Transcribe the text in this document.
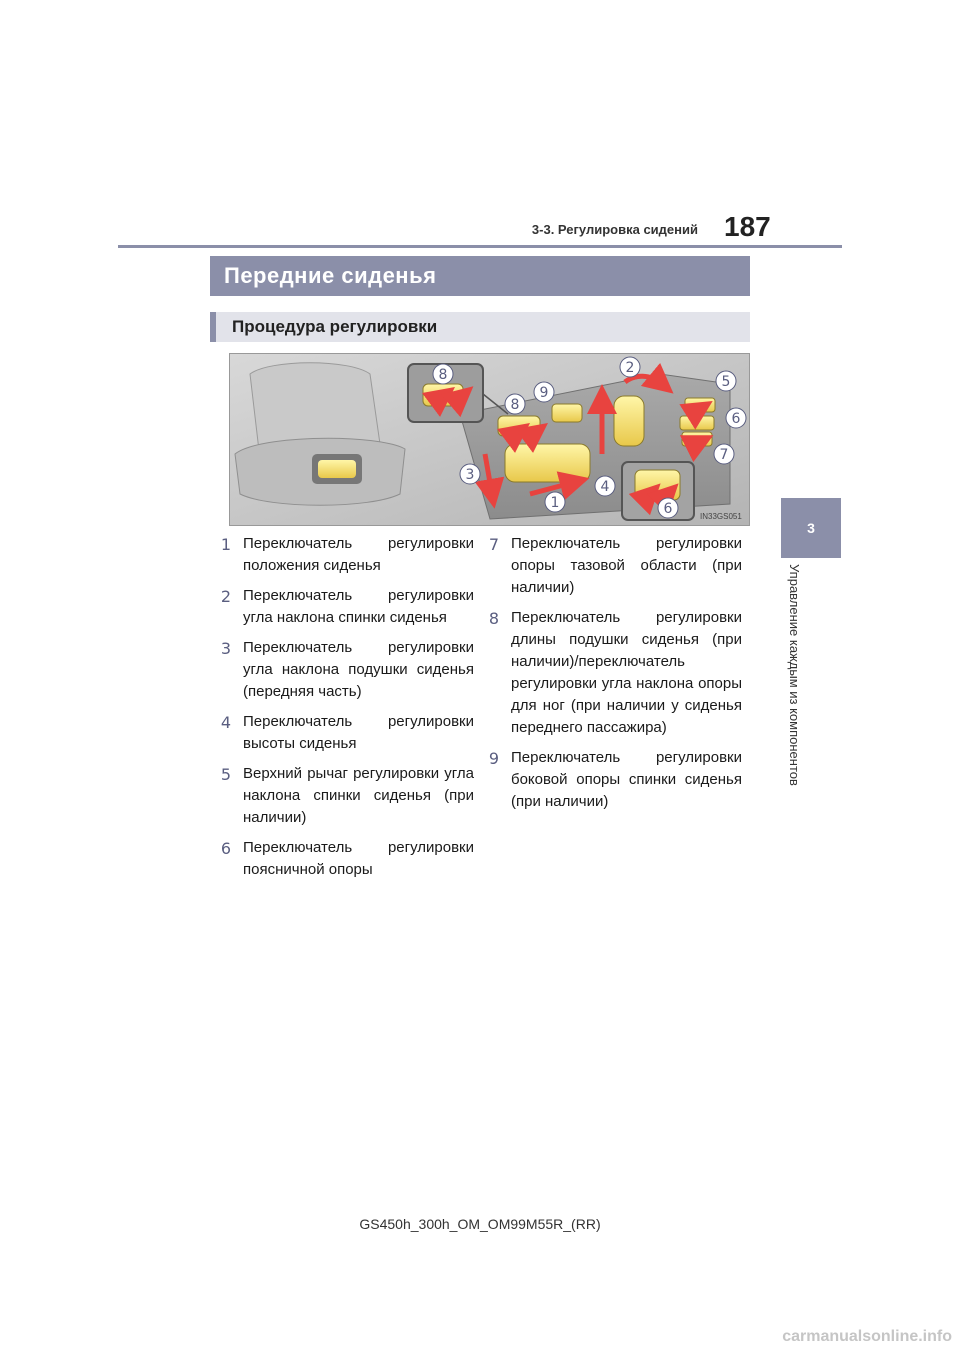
3-3. Регулировка сидений 187
3
Управление каждым из компонентов
Передние сиденья
Процедура регулировки
8
8
9
2
5
6
7
3
1
4
6	IN33GS051
1 Переключатель регулировки положения сиденья
2 Переключатель регулировки угла наклона спинки сиденья
3 Переключатель регулировки угла наклона подушки сиденья (передняя часть)
4 Переключатель регулировки высоты сиденья
5 Верхний рычаг регулировки угла наклона спинки сиденья (при наличии)
6 Переключатель регулировки поясничной опоры
7 Переключатель регулировки опоры тазовой области (при наличии)
8 Переключатель регулировки длины подушки сиденья (при наличии)/переключатель регулировки угла наклона опоры для ног (при наличии у сиденья переднего пассажира)
9 Переключатель регулировки боковой опоры спинки сиденья (при наличии)
GS450h_300h_OM_OM99M55R_(RR)
carmanualsonline.info
